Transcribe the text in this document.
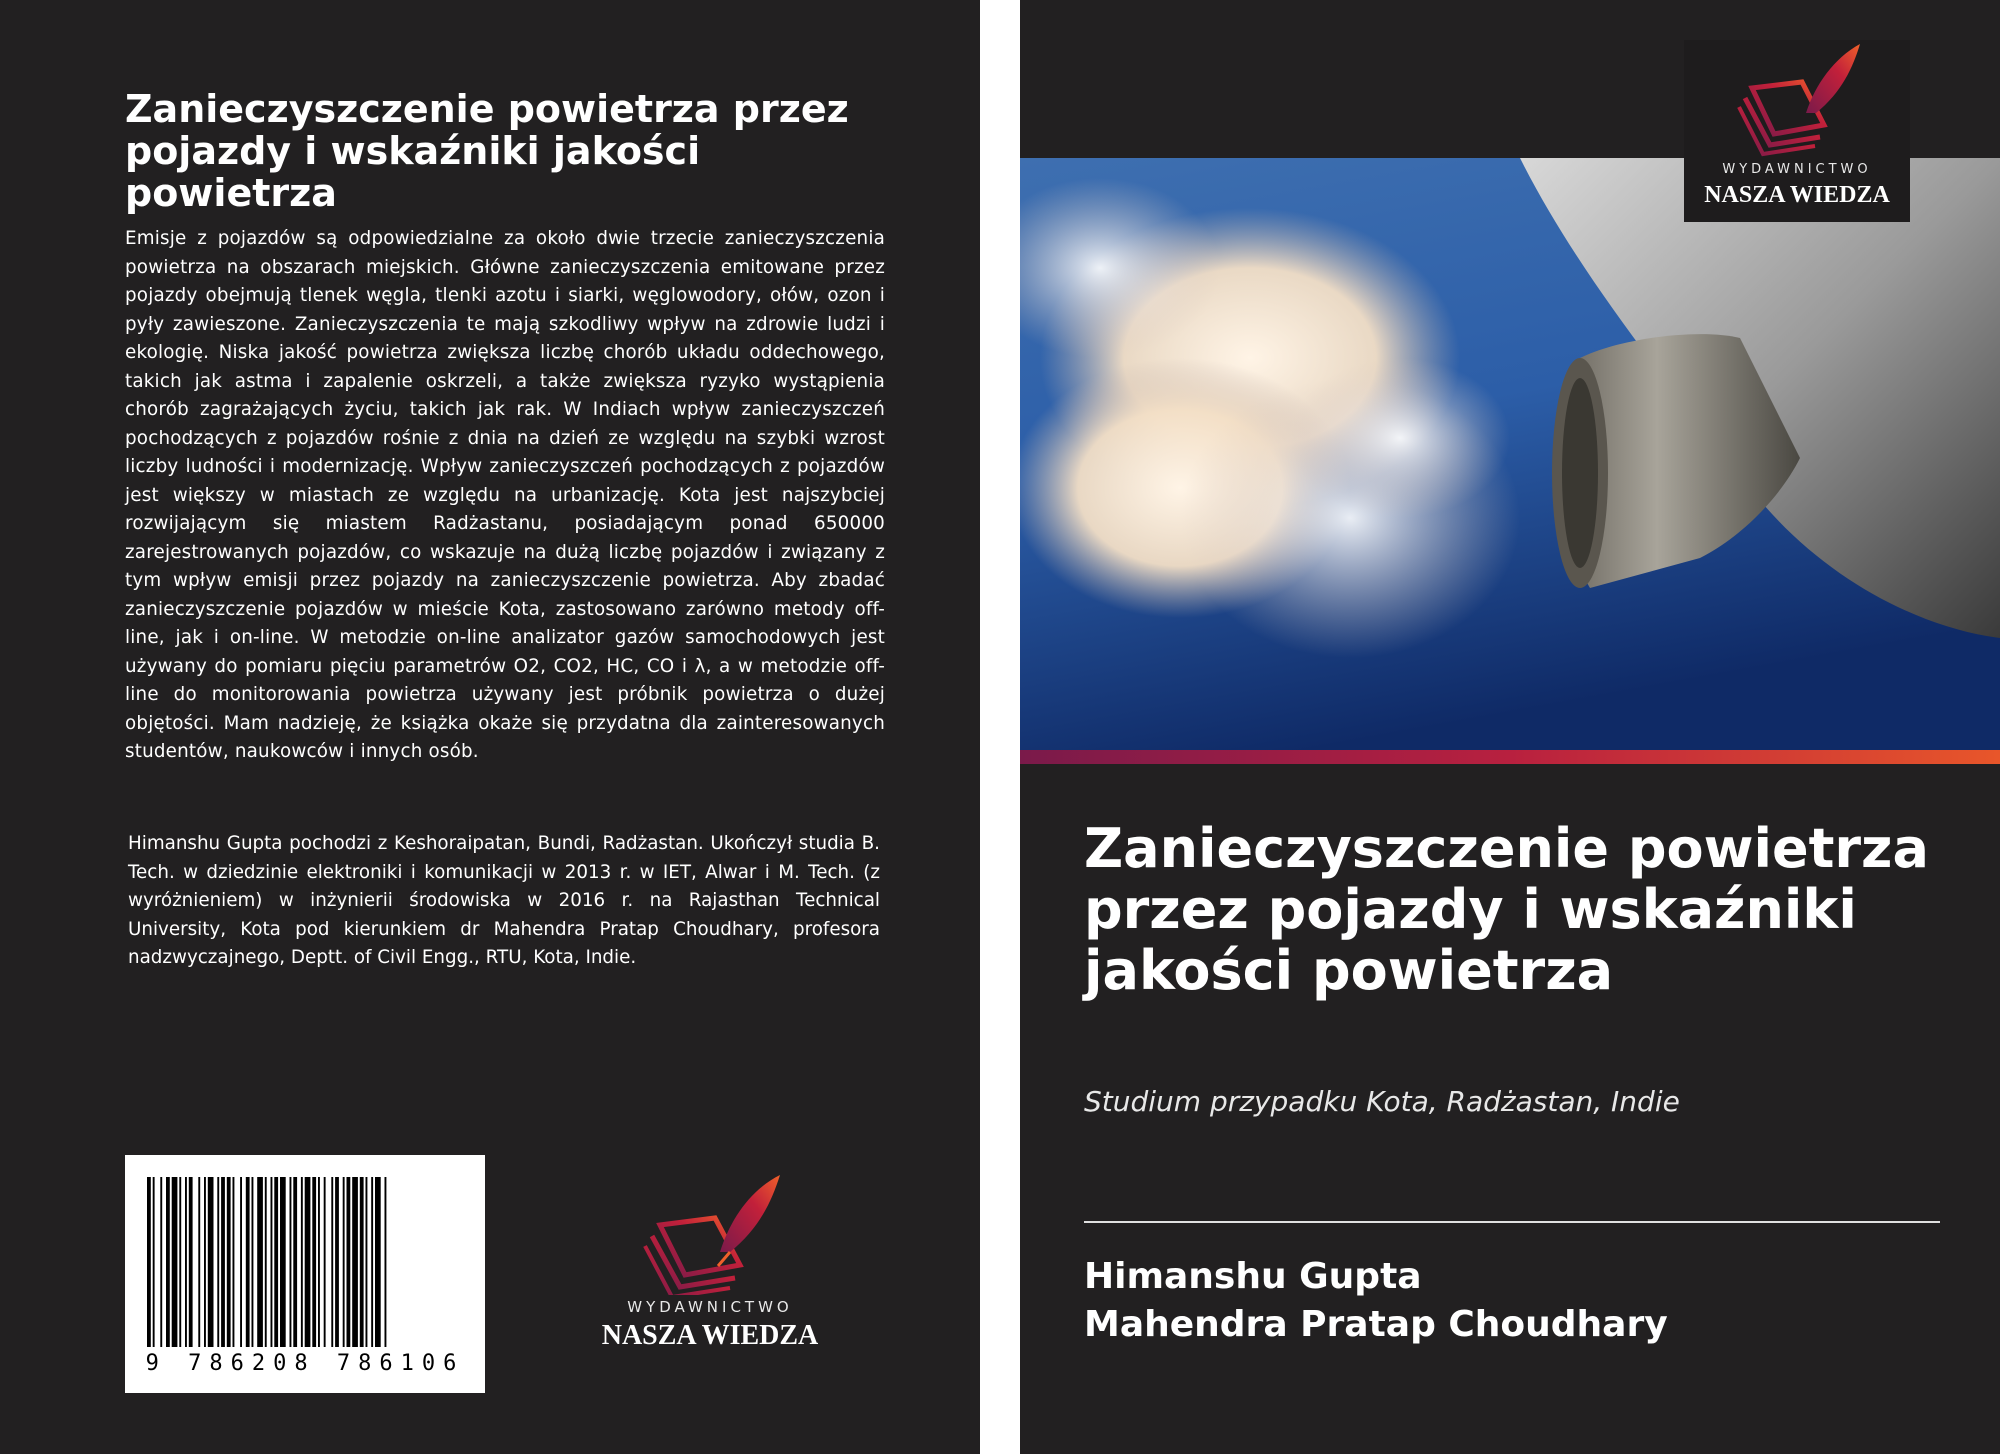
Zanieczyszczenie powietrza przez pojazdy i wskaźniki jakości powietrza

Emisje z pojazdów są odpowiedzialne za około dwie trzecie zanieczyszczenia powietrza na obszarach miejskich. Główne zanieczyszczenia emitowane przez pojazdy obejmują tlenek węgla, tlenki azotu i siarki, węglowodory, ołów, ozon i pyły zawieszone. Zanieczyszczenia te mają szkodliwy wpływ na zdrowie ludzi i ekologię. Niska jakość powietrza zwiększa liczbę chorób układu oddechowego, takich jak astma i zapalenie oskrzeli, a także zwiększa ryzyko wystąpienia chorób zagrażających życiu, takich jak rak. W Indiach wpływ zanieczyszczeń pochodzących z pojazdów rośnie z dnia na dzień ze względu na szybki wzrost liczby ludności i modernizację. Wpływ zanieczyszczeń pochodzących z pojazdów jest większy w miastach ze względu na urbanizację. Kota jest najszybciej rozwijającym się miastem Radżastanu, posiadającym ponad 650000 zarejestrowanych pojazdów, co wskazuje na dużą liczbę pojazdów i związany z tym wpływ emisji przez pojazdy na zanieczyszczenie powietrza. Aby zbadać zanieczyszczenie pojazdów w mieście Kota, zastosowano zarówno metody off-line, jak i on-line. W metodzie on-line analizator gazów samochodowych jest używany do pomiaru pięciu parametrów O2, CO2, HC, CO i λ, a w metodzie off-line do monitorowania powietrza używany jest próbnik powietrza o dużej objętości. Mam nadzieję, że książka okaże się przydatna dla zainteresowanych studentów, naukowców i innych osób.

Himanshu Gupta pochodzi z Keshoraipatan, Bundi, Radżastan. Ukończył studia B. Tech. w dziedzinie elektroniki i komunikacji w 2013 r. w IET, Alwar i M. Tech. (z wyróżnieniem) w inżynierii środowiska w 2016 r. na Rajasthan Technical University, Kota pod kierunkiem dr Mahendra Pratap Choudhary, profesora nadzwyczajnego, Deptt. of Civil Engg., RTU, Kota, Indie.

9 786208 786106
WYDAWNICTWO
NASZA WIEDZA
WYDAWNICTWO
NASZA WIEDZA
Zanieczyszczenie powietrza przez pojazdy i wskaźniki jakości powietrza

Studium przypadku Kota, Radżastan, Indie

Himanshu Gupta

Mahendra Pratap Choudhary
